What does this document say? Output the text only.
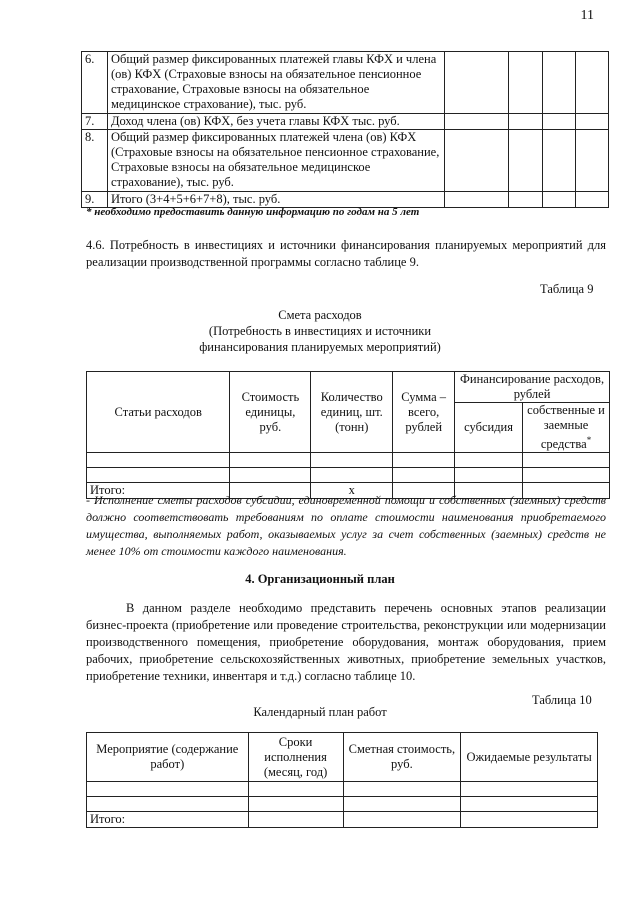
11
6.	Общий размер фиксированных платежей главы КФХ и члена (ов) КФХ (Страховые взносы на обязательное пенсионное страхование, Страховые взносы на обязательное медицинское страхование), тыс. руб.				
7.	Доход члена (ов) КФХ, без учета главы КФХ тыс. руб.				
8.	Общий размер фиксированных платежей члена (ов) КФХ (Страховые взносы на обязательное пенсионное страхование, Страховые взносы на обязательное медицинское страхование), тыс. руб.				
9.	Итого (3+4+5+6+7+8), тыс. руб.				
* необходимо предоставить данную информацию по годам на 5 лет

4.6. Потребность в инвестициях и источники финансирования планируемых мероприятий для реализации производственной программы согласно таблице 9.

Таблица 9
Смета расходов
(Потребность в инвестициях и источники
финансирования планируемых мероприятий)
Статьи расходов	Стоимость единицы, руб.	Количество единиц, шт. (тонн)	Сумма – всего, рублей	Финансирование расходов, рублей	
				субсидия	собственные и заемные средства*

Итого:		х			

- Исполнение сметы расходов субсидии, единовременной помощи и собственных (заемных) средств должно соответствовать требованиям по оплате стоимости наименования приобретаемого имущества, выполняемых работ, оказываемых услуг за счет собственных (заемных) средств не менее 10% от стоимости каждого наименования.

4. Организационный план

В данном разделе необходимо представить перечень основных этапов реализации бизнес-проекта (приобретение или проведение строительства, реконструкции или модернизации производственного помещения, приобретение оборудования, монтаж оборудования, прием рабочих, приобретение сельскохозяйственных животных, приобретение земельных участков, приобретение техники, инвентаря и т.д.) согласно таблице 10.

Таблица 10
Календарный план работ
Мероприятие (содержание работ)	Сроки исполнения (месяц, год)	Сметная стоимость, руб.	Ожидаемые результаты

Итого:			
